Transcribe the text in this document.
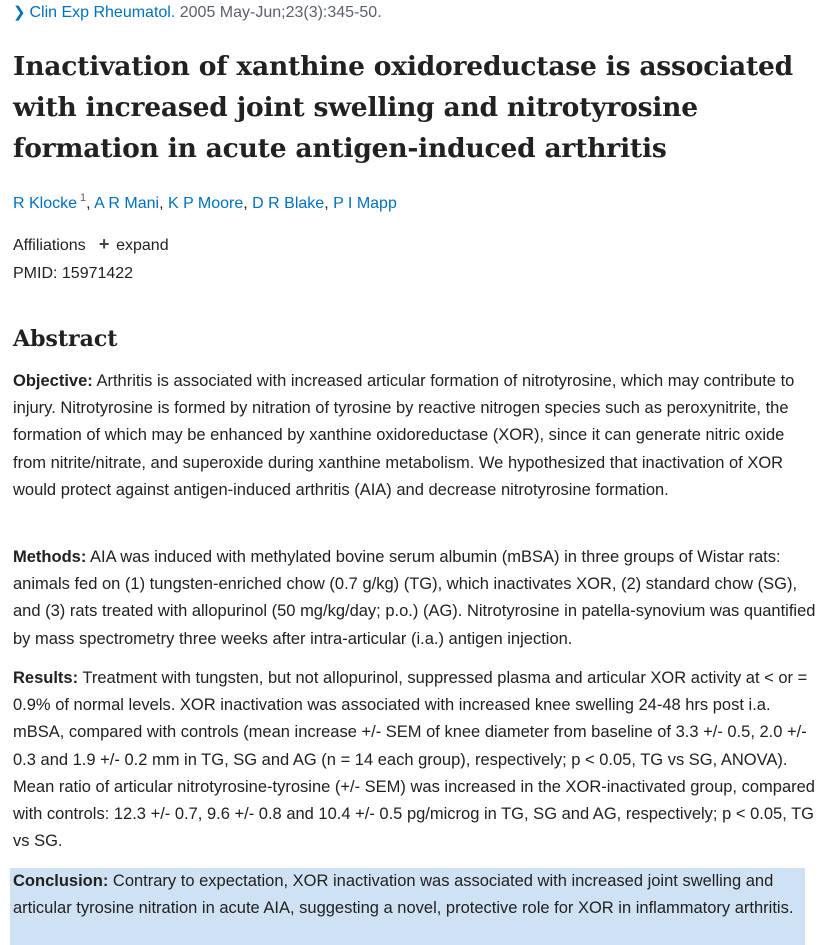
❯ Clin Exp Rheumatol. 2005 May-Jun;23(3):345-50.
Inactivation of xanthine oxidoreductase is associated
with increased joint swelling and nitrotyrosine
formation in acute antigen-induced arthritis
R Klocke $^1$, A R Mani, K P Moore, D R Blake, P I Mapp
Affiliations + expand
PMID: 15971422
Abstract
Objective: Arthritis is associated with increased articular formation of nitrotyrosine, which may contribute to injury. Nitrotyrosine is formed by nitration of tyrosine by reactive nitrogen species such as peroxynitrite, the formation of which may be enhanced by xanthine oxidoreductase (XOR), since it can generate nitric oxide from nitrite/nitrate, and superoxide during xanthine metabolism. We hypothesized that inactivation of XOR would protect against antigen-induced arthritis (AIA) and decrease nitrotyrosine formation.
Methods: AIA was induced with methylated bovine serum albumin (mBSA) in three groups of Wistar rats: animals fed on (1) tungsten-enriched chow (0.7 g/kg) (TG), which inactivates XOR, (2) standard chow (SG), and (3) rats treated with allopurinol (50 mg/kg/day; p.o.) (AG). Nitrotyrosine in patella-synovium was quantified by mass spectrometry three weeks after intra-articular (i.a.) antigen injection.
Results: Treatment with tungsten, but not allopurinol, suppressed plasma and articular XOR activity at < or = 0.9% of normal levels. XOR inactivation was associated with increased knee swelling 24-48 hrs post i.a. mBSA, compared with controls (mean increase +/- SEM of knee diameter from baseline of 3.3 +/- 0.5, 2.0 +/- 0.3 and 1.9 +/- 0.2 mm in TG, SG and AG (n = 14 each group), respectively; p < 0.05, TG vs SG, ANOVA). Mean ratio of articular nitrotyrosine-tyrosine (+/- SEM) was increased in the XOR-inactivated group, compared with controls: 12.3 +/- 0.7, 9.6 +/- 0.8 and 10.4 +/- 0.5 pg/microg in TG, SG and AG, respectively; p < 0.05, TG vs SG.
Conclusion: Contrary to expectation, XOR inactivation was associated with increased joint swelling and articular tyrosine nitration in acute AIA, suggesting a novel, protective role for XOR in inflammatory arthritis.
